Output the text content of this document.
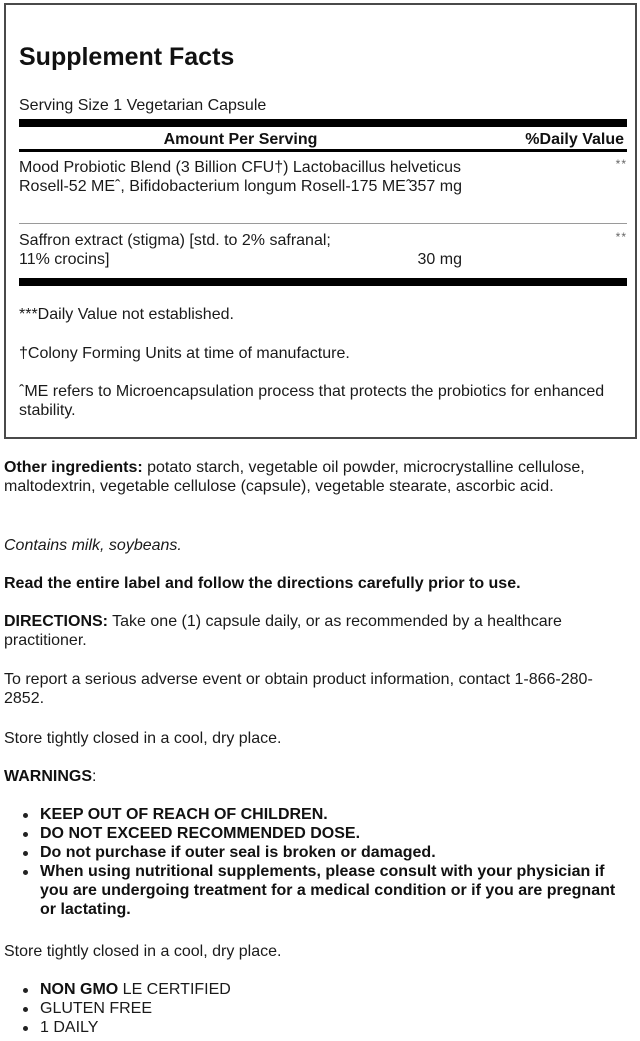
Supplement Facts
Serving Size 1 Vegetarian Capsule
Amount Per Serving	%Daily Value
Mood Probiotic Blend (3 Billion CFU†) Lactobacillus helveticus Rosell-52 MEˆ, Bifidobacterium longum Rosell-175 MEˆ
357 mg
**
Saffron extract (stigma) [std. to 2% safranal; 11% crocins]	30 mg
**
***Daily Value not established.
†Colony Forming Units at time of manufacture.
ˆME refers to Microencapsulation process that protects the probiotics for enhanced stability.
Other ingredients: potato starch, vegetable oil powder, microcrystalline cellulose, maltodextrin, vegetable cellulose (capsule), vegetable stearate, ascorbic acid.
Contains milk, soybeans.
Read the entire label and follow the directions carefully prior to use.
DIRECTIONS: Take one (1) capsule daily, or as recommended by a healthcare practitioner.
To report a serious adverse event or obtain product information, contact 1-866-280-2852.
Store tightly closed in a cool, dry place.
WARNINGS:
KEEP OUT OF REACH OF CHILDREN.
DO NOT EXCEED RECOMMENDED DOSE.
Do not purchase if outer seal is broken or damaged.
When using nutritional supplements, please consult with your physician if you are undergoing treatment for a medical condition or if you are pregnant or lactating.
Store tightly closed in a cool, dry place.
NON GMO LE CERTIFIED
GLUTEN FREE
1 DAILY
